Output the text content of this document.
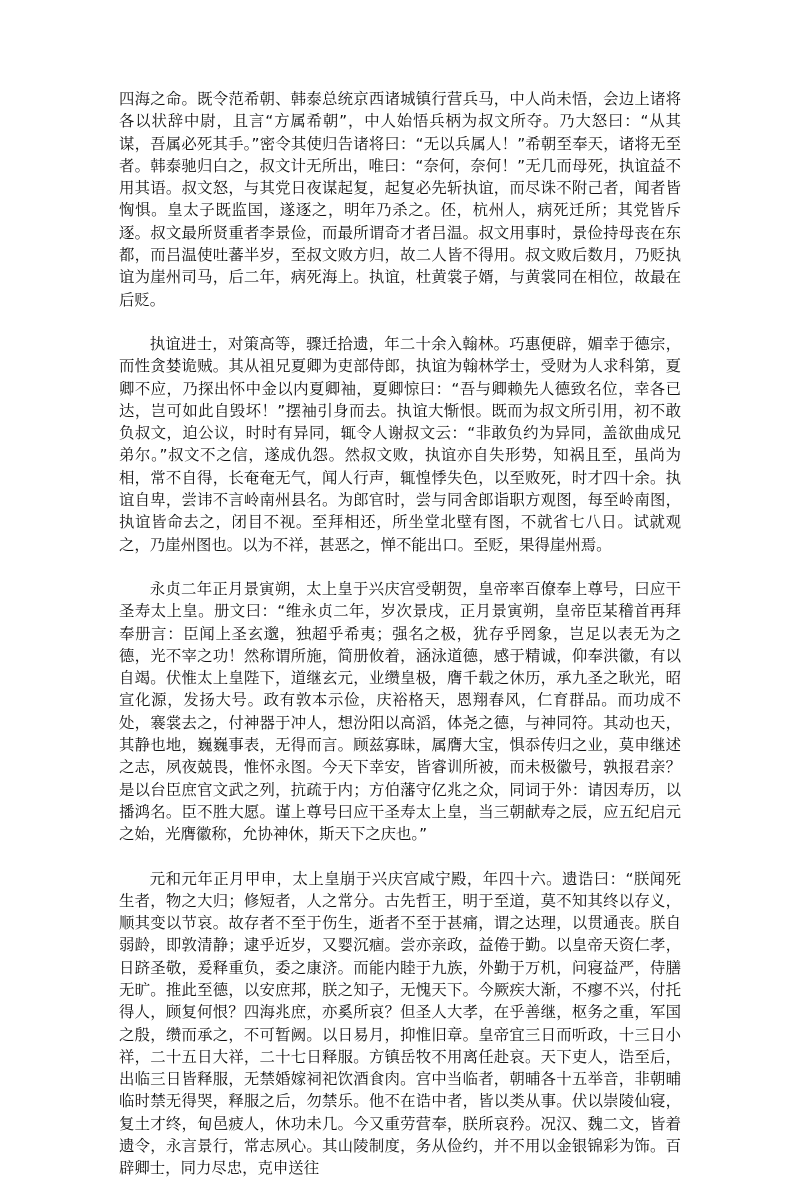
四海之命。既令范希朝、韩泰总统京西诸城镇行营兵马，中人尚未悟，会边上诸将各以状辞中尉，且言“方属希朝”，中人始悟兵柄为叔文所夺。乃大怒曰：“从其谋，吾属必死其手。”密令其使归告诸将曰：“无以兵属人！”希朝至奉天，诸将无至者。韩泰驰归白之，叔文计无所出，唯曰：“奈何，奈何！”无几而母死，执谊益不用其语。叔文怒，与其党日夜谋起复，起复必先斩执谊，而尽诛不附己者，闻者皆恟惧。皇太子既监国，遂逐之，明年乃杀之。伾，杭州人，病死迁所；其党皆斥逐。叔文最所贤重者李景俭，而最所谓奇才者吕温。叔文用事时，景俭持母丧在东都，而吕温使吐蕃半岁，至叔文败方归，故二人皆不得用。叔文败后数月，乃贬执谊为崖州司马，后二年，病死海上。执谊，杜黄裳子婿，与黄裳同在相位，故最在后贬。

执谊进士，对策高等，骤迁拾遗，年二十余入翰林。巧惠便辟，媚幸于德宗，而性贪婪诡贼。其从祖兄夏卿为吏部侍郎，执谊为翰林学士，受财为人求科第，夏卿不应，乃探出怀中金以内夏卿袖，夏卿惊曰：“吾与卿赖先人德致名位，幸各已达，岂可如此自毁坏！”摆袖引身而去。执谊大惭恨。既而为叔文所引用，初不敢负叔文，迫公议，时时有异同，辄令人谢叔文云：“非敢负约为异同，盖欲曲成兄弟尔。”叔文不之信，遂成仇怨。然叔文败，执谊亦自失形势，知祸且至，虽尚为相，常不自得，长奄奄无气，闻人行声，辄惶悸失色，以至败死，时才四十余。执谊自卑，尝讳不言岭南州县名。为郎官时，尝与同舍郎诣职方观图，每至岭南图，执谊皆命去之，闭目不视。至拜相还，所坐堂北壁有图，不就省七八日。试就观之，乃崖州图也。以为不祥，甚恶之，惮不能出口。至贬，果得崖州焉。

永贞二年正月景寅朔，太上皇于兴庆宫受朝贺，皇帝率百僚奉上尊号，曰应干圣寿太上皇。册文曰：“维永贞二年，岁次景戌，正月景寅朔，皇帝臣某稽首再拜奉册言：臣闻上圣玄邈，独超乎希夷；强名之极，犹存乎罔象，岂足以表无为之德，光不宰之功！然称谓所施，简册攸着，涵泳道德，感于精诚，仰奉洪徽，有以自竭。伏惟太上皇陛下，道继玄元，业缵皇极，膺千载之休历，承九圣之耿光，昭宣化源，发扬大号。政有敦本示俭，庆裕格天，恩翔春风，仁育群品。而功成不处，褰裳去之，付神器于冲人，想汾阳以高滔，体尧之德，与神同符。其动也天，其静也地，巍巍事表，无得而言。顾兹寡昧，属膺大宝，惧忝传归之业，莫申继述之志，夙夜兢畏，惟怀永图。今天下幸安，皆睿训所被，而未极徽号，孰报君亲？是以台臣庶官文武之列，抗疏于内；方伯藩守亿兆之众，同词于外：请因寿历，以播鸿名。臣不胜大愿。谨上尊号曰应干圣寿太上皇，当三朝献寿之辰，应五纪启元之始，光膺徽称，允协神休，斯天下之庆也。”

元和元年正月甲申，太上皇崩于兴庆宫咸宁殿，年四十六。遗诰曰：“朕闻死生者，物之大归；修短者，人之常分。古先哲王，明于至道，莫不知其终以存义，顺其变以节哀。故存者不至于伤生，逝者不至于甚痛，谓之达理，以贯通丧。朕自弱龄，即敦清静；逮乎近岁，又婴沉痼。尝亦亲政，益倦于勤。以皇帝天资仁孝，日跻圣敬，爰释重负，委之康济。而能内睦于九族，外勤于万机，问寝益严，侍膳无旷。推此至德，以安庶邦，朕之知子，无愧天下。今厥疾大渐，不瘳不兴，付托得人，顾复何恨？四海兆庶，亦奚所哀？但圣人大孝，在乎善继，枢务之重，军国之殷，缵而承之，不可暂阙。以日易月，抑惟旧章。皇帝宜三日而听政，十三日小祥，二十五日大祥，二十七日释服。方镇岳牧不用离任赴哀。天下吏人，诰至后，出临三日皆释服，无禁婚嫁祠祀饮酒食肉。宫中当临者，朝晡各十五举音，非朝晡临时禁无得哭，释服之后，勿禁乐。他不在诰中者，皆以类从事。伏以崇陵仙寝，复土才终，甸邑疲人，休功未几。今又重劳营奉，朕所哀矜。况汉、魏二文，皆着遗令，永言景行，常志夙心。其山陵制度，务从俭约，并不用以金银锦彩为饰。百辟卿士，同力尽忠，克申送往
